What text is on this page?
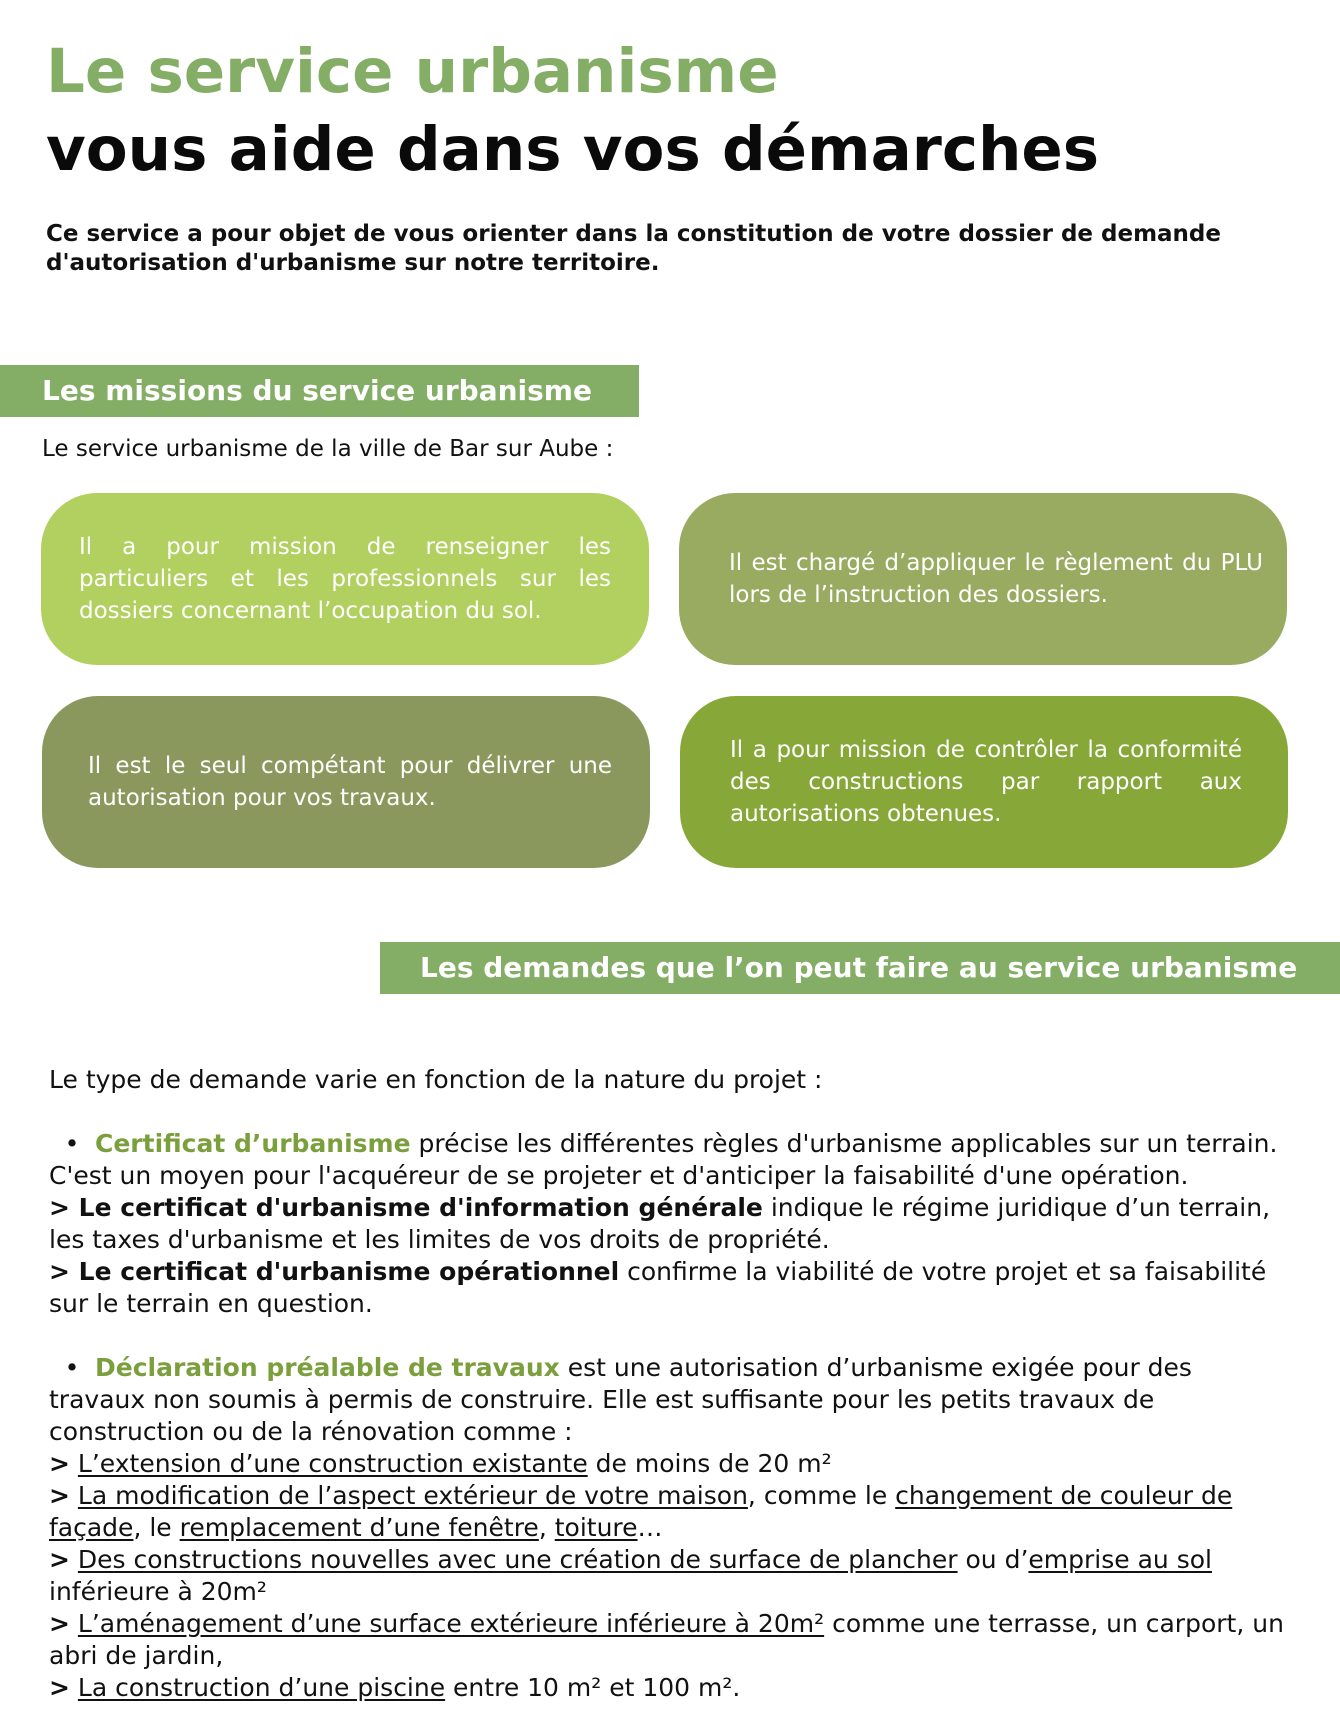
Le service urbanisme
vous aide dans vos démarches

Ce service a pour objet de vous orienter dans la constitution de votre dossier de demande d'autorisation d'urbanisme sur notre territoire.

Les missions du service urbanisme

Le service urbanisme de la ville de Bar sur Aube :

Il a pour mission de renseigner les particuliers et les professionnels sur les dossiers concernant l’occupation du sol.

Il est chargé d’appliquer le règlement du PLU lors de l’instruction des dossiers.

Il est le seul compétant pour délivrer une autorisation pour vos travaux.

Il a pour mission de contrôler la conformité des constructions par rapport aux autorisations obtenues.

Les demandes que l’on peut faire au service urbanisme

Le type de demande varie en fonction de la nature du projet :

• Certificat d’urbanisme précise les différentes règles d'urbanisme applicables sur un terrain. C'est un moyen pour l'acquéreur de se projeter et d'anticiper la faisabilité d'une opération.

> Le certificat d'urbanisme d'information générale indique le régime juridique d’un terrain, les taxes d'urbanisme et les limites de vos droits de propriété.

> Le certificat d'urbanisme opérationnel confirme la viabilité de votre projet et sa faisabilité sur le terrain en question.

• Déclaration préalable de travaux est une autorisation d’urbanisme exigée pour des travaux non soumis à permis de construire. Elle est suffisante pour les petits travaux de construction ou de la rénovation comme :

> L’extension d’une construction existante de moins de 20 m²

> La modification de l’aspect extérieur de votre maison, comme le changement de couleur de façade, le remplacement d’une fenêtre, toiture…

> Des constructions nouvelles avec une création de surface de plancher ou d’emprise au sol inférieure à 20m²

> L’aménagement d’une surface extérieure inférieure à 20m² comme une terrasse, un carport, un abri de jardin,

> La construction d’une piscine entre 10 m² et 100 m².
